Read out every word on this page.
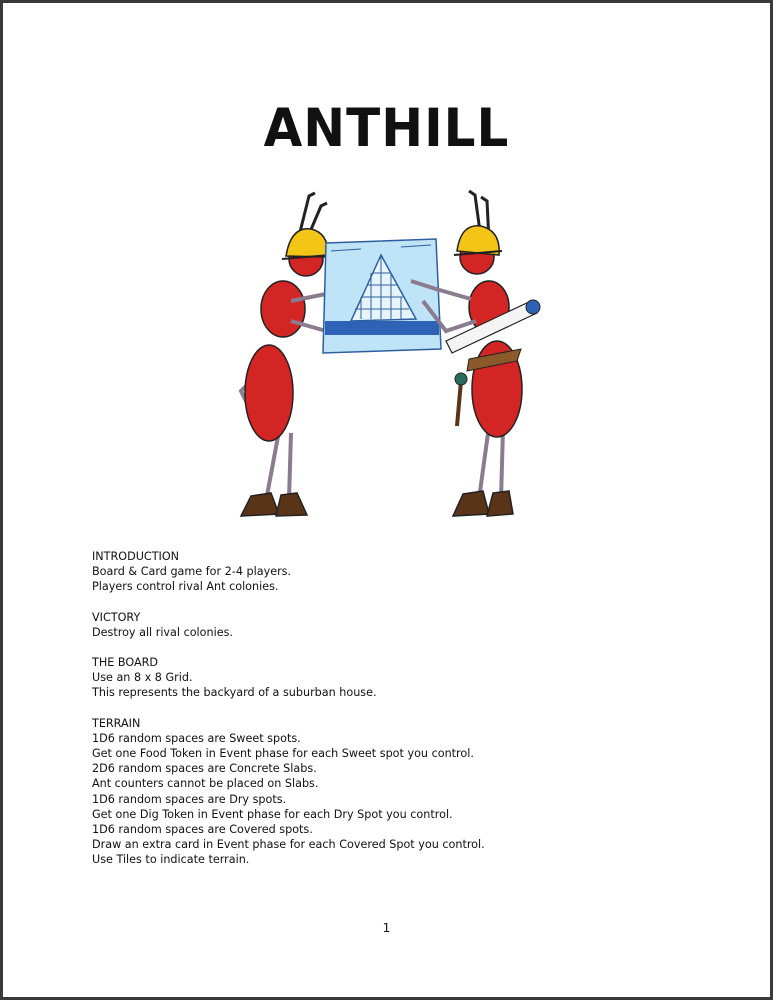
ANTHILL

INTRODUCTION

Board & Card game for 2-4 players.

Players control rival Ant colonies.

VICTORY

Destroy all rival colonies.

THE BOARD

Use an 8 x 8 Grid.

This represents the backyard of a suburban house.

TERRAIN

1D6 random spaces are Sweet spots.

Get one Food Token in Event phase for each Sweet spot you control.

2D6 random spaces are Concrete Slabs.

Ant counters cannot be placed on Slabs.

1D6 random spaces are Dry spots.

Get one Dig Token in Event phase for each Dry Spot you control.

1D6 random spaces are Covered spots.

Draw an extra card in Event phase for each Covered Spot you control.

Use Tiles to indicate terrain.

1
